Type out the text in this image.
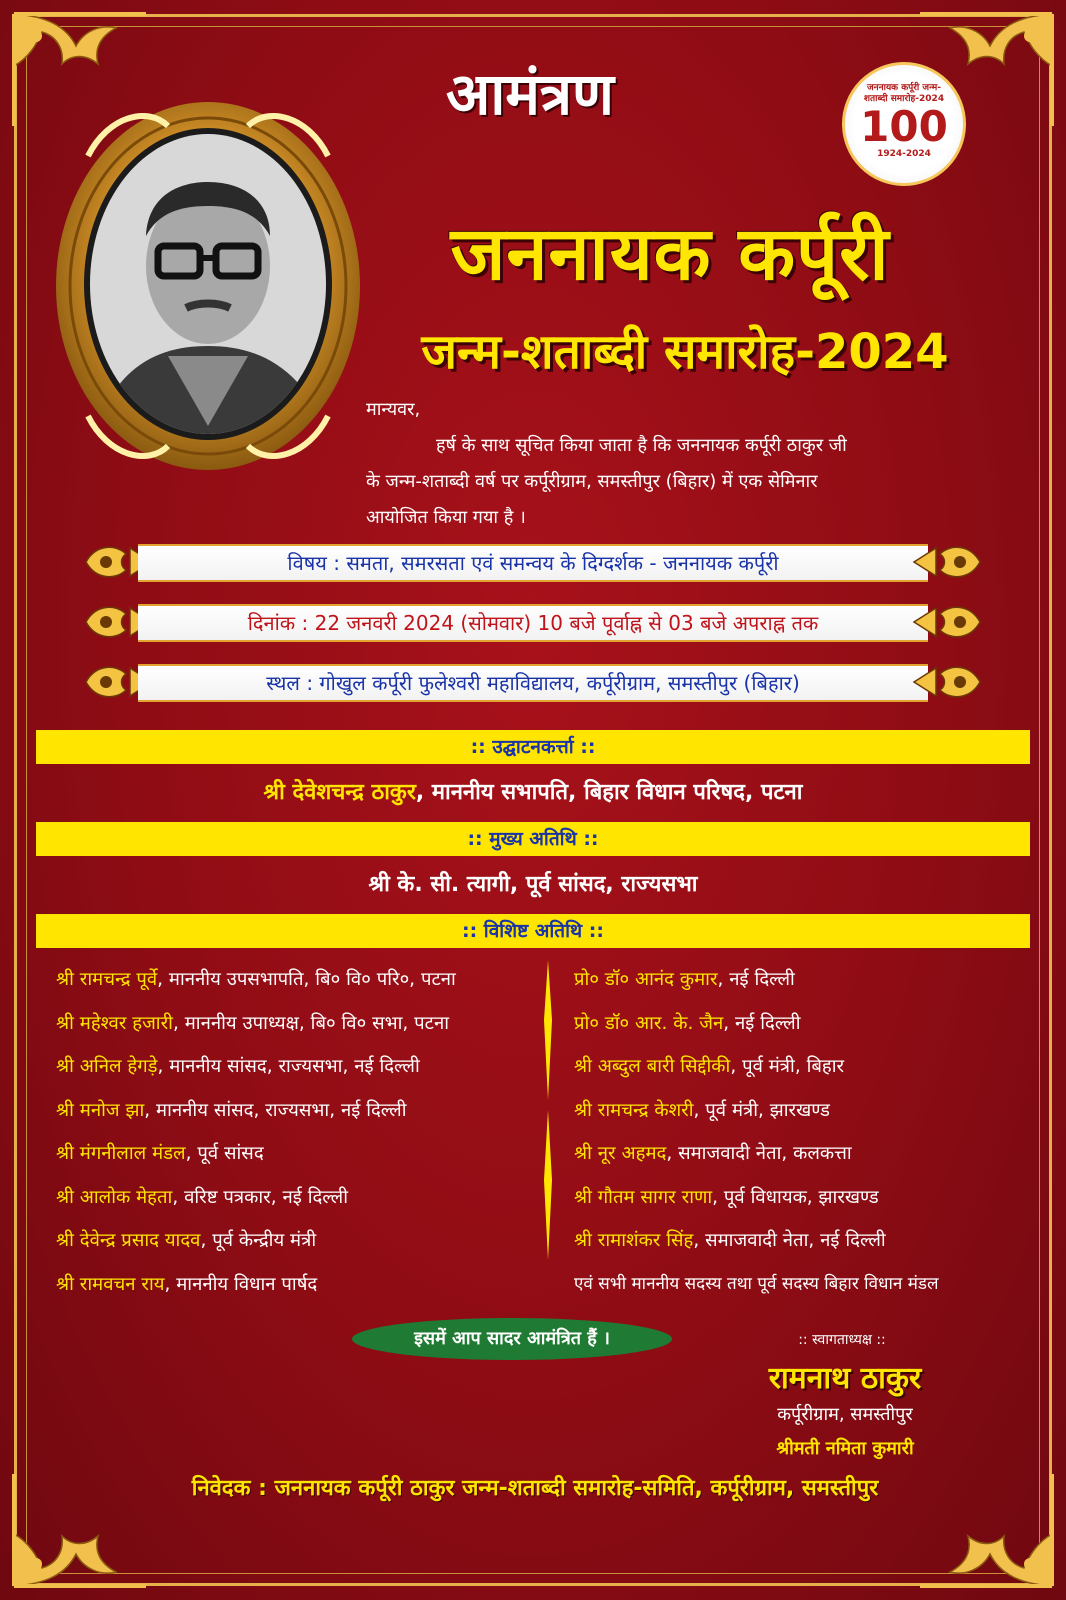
आमंत्रण	जननायक कर्पूरी जन्म-शताब्दी समारोह-2024
100
1924-2024
जननायक कर्पूरी
जन्म-शताब्दी समारोह-2024
मान्यवर,
हर्ष के साथ सूचित किया जाता है कि जननायक कर्पूरी ठाकुर जी
के जन्म-शताब्दी वर्ष पर कर्पूरीग्राम, समस्तीपुर (बिहार) में एक सेमिनार
आयोजित किया गया है ।
विषय : समता, समरसता एवं समन्वय के दिग्दर्शक - जननायक कर्पूरी
दिनांक : 22 जनवरी 2024 (सोमवार) 10 बजे पूर्वाह्न से 03 बजे अपराह्न तक
स्थल : गोखुल कर्पूरी फुलेश्वरी महाविद्यालय, कर्पूरीग्राम, समस्तीपुर (बिहार)
:: उद्घाटनकर्त्ता ::
श्री देवेशचन्द्र ठाकुर, माननीय सभापति, बिहार विधान परिषद, पटना
:: मुख्य अतिथि ::
श्री के. सी. त्यागी, पूर्व सांसद, राज्यसभा
:: विशिष्ट अतिथि ::
श्री रामचन्द्र पूर्वे, माननीय उपसभापति, बि० वि० परि०, पटना
श्री महेश्वर हजारी, माननीय उपाध्यक्ष, बि० वि० सभा, पटना
श्री अनिल हेगड़े, माननीय सांसद, राज्यसभा, नई दिल्ली
श्री मनोज झा, माननीय सांसद, राज्यसभा, नई दिल्ली
श्री मंगनीलाल मंडल, पूर्व सांसद
श्री आलोक मेहता, वरिष्ट पत्रकार, नई दिल्ली
श्री देवेन्द्र प्रसाद यादव, पूर्व केन्द्रीय मंत्री
श्री रामवचन राय, माननीय विधान पार्षद
प्रो० डॉ० आनंद कुमार, नई दिल्ली
प्रो० डॉ० आर. के. जैन, नई दिल्ली
श्री अब्दुल बारी सिद्दीकी, पूर्व मंत्री, बिहार
श्री रामचन्द्र केशरी, पूर्व मंत्री, झारखण्ड
श्री नूर अहमद, समाजवादी नेता, कलकत्ता
श्री गौतम सागर राणा, पूर्व विधायक, झारखण्ड
श्री रामाशंकर सिंह, समाजवादी नेता, नई दिल्ली
एवं सभी माननीय सदस्य तथा पूर्व सदस्य बिहार विधान मंडल
इसमें आप सादर आमंत्रित हैं ।	:: स्वागताध्यक्ष ::
रामनाथ ठाकुर
कर्पूरीग्राम, समस्तीपुर
श्रीमती नमिता कुमारी
निवेदक : जननायक कर्पूरी ठाकुर जन्म-शताब्दी समारोह-समिति, कर्पूरीग्राम, समस्तीपुर
